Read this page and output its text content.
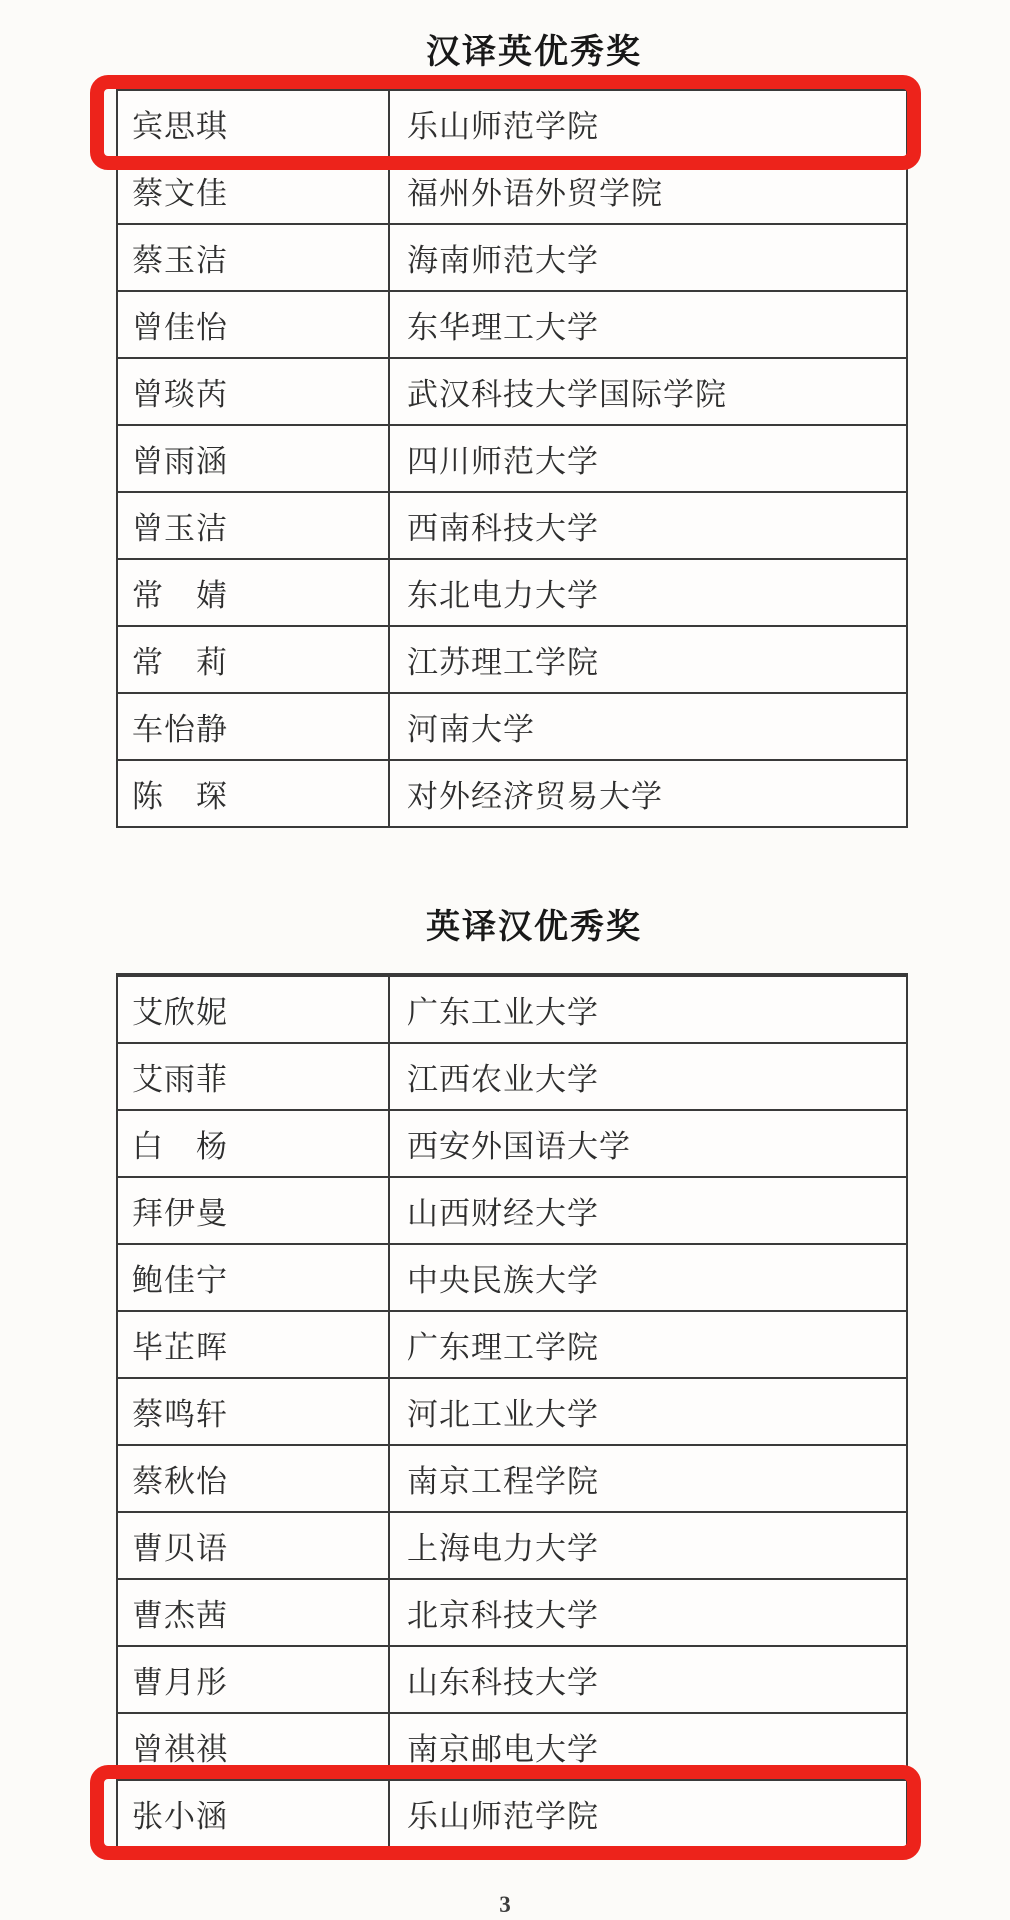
汉译英优秀奖
宾思琪	乐山师范学院
蔡文佳	福州外语外贸学院
蔡玉洁	海南师范大学
曾佳怡	东华理工大学
曾琰芮	武汉科技大学国际学院
曾雨涵	四川师范大学
曾玉洁	西南科技大学
常　婧	东北电力大学
常　莉	江苏理工学院
车怡静	河南大学
陈　琛	对外经济贸易大学
英译汉优秀奖
艾欣妮	广东工业大学
艾雨菲	江西农业大学
白　杨	西安外国语大学
拜伊曼	山西财经大学
鲍佳宁	中央民族大学
毕芷晖	广东理工学院
蔡鸣轩	河北工业大学
蔡秋怡	南京工程学院
曹贝语	上海电力大学
曹杰茜	北京科技大学
曹月彤	山东科技大学
曾祺祺	南京邮电大学
张小涵	乐山师范学院
3
